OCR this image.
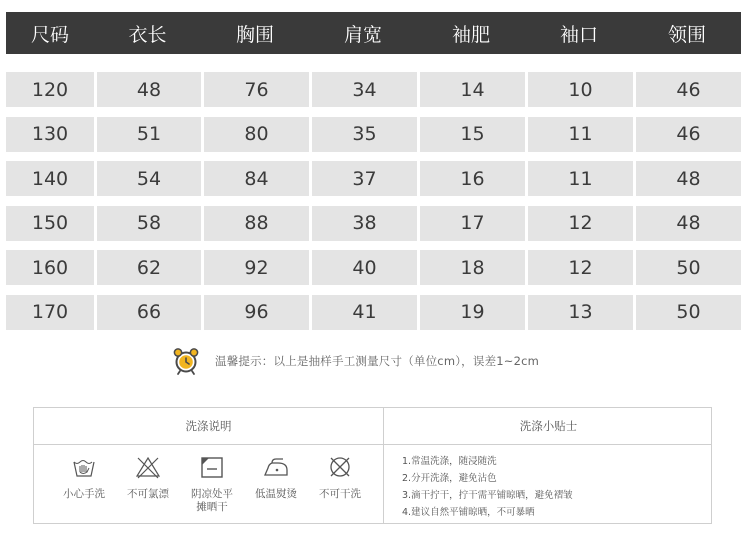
尺码	衣长	胸围	肩宽	袖肥	袖口	领围
120	48	76	34	14	10	46
130	51	80	35	15	11	46
140	54	84	37	16	11	48
150	58	88	38	17	12	48
160	62	92	40	18	12	50
170	66	96	41	19	13	50
温馨提示：以上是抽样手工测量尺寸（单位cm），误差1~2cm
洗涤说明	洗涤小贴士
小心手洗 不可氯漂 阴凉处平
摊晒干
低温熨烫 不可干洗
1.常温洗涤，随浸随洗
2.分开洗涤，避免沾色
3.滴干拧干，拧干需平铺晾晒，避免褶皱
4.建议自然平铺晾晒，不可暴晒
